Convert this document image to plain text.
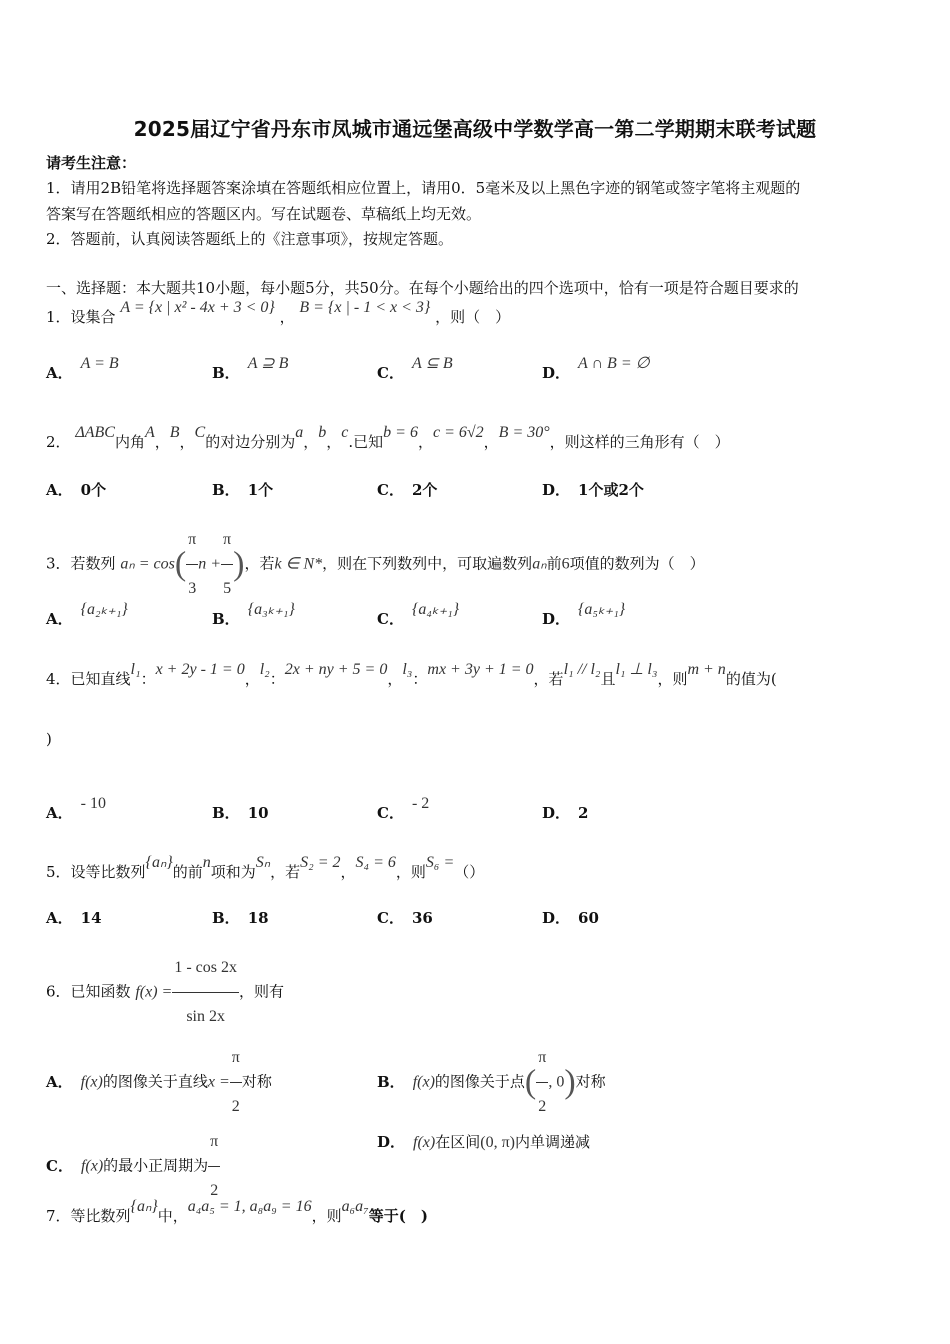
2025届辽宁省丹东市凤城市通远堡高级中学数学高一第二学期期末联考试题
请考生注意：
1．请用2B铅笔将选择题答案涂填在答题纸相应位置上，请用0．5毫米及以上黑色字迹的钢笔或签字笔将主观题的
答案写在答题纸相应的答题区内。写在试题卷、草稿纸上均无效。
2．答题前，认真阅读答题纸上的《注意事项》，按规定答题。
一、选择题：本大题共10小题，每小题5分，共50分。在每个小题给出的四个选项中，恰有一项是符合题目要求的
1．设集合 A = {x | x² - 4x + 3 < 0} ， B = {x | - 1 < x < 3} ，则（　）
A．A = B
B．A ⊇ B
C．A ⊆ B
D．A ∩ B = ∅
2． ΔABC内角A，B，C的对边分别为a，b，c.已知b = 6，c = 6√2，B = 30°，则这样的三角形有（　）
A． 0个	B． 1个	C． 2个	D． 1个或2个
3．若数列 $a_n = \cos( \frac{\pi}{3}$ $n + \frac{\pi}{5}$ )，若k ∈ N*，则在下列数列中，可取遍数列aₙ前6项值的数列为（　）
A．{a₂ₖ₊₁}
B．{a₃ₖ₊₁}
C．{a₄ₖ₊₁}
D．{a₅ₖ₊₁}
4．已知直线l₁：x + 2y - 1 = 0，l₂：2x + ny + 5 = 0，l₃：mx + 3y + 1 = 0，若l₁ // l₂且l₁ ⊥ l₃，则m + n的值为(
)
A．- 10
B． 10	C．- 2
D． 2
5．设等比数列{aₙ}的前n项和为Sₙ，若S₂ = 2，S₄ = 6，则S₆ =（）
A． 14	B． 18	C． 36	D． 60
6．已知函数 $f(x) = \frac{1 - \cos 2x}{\sin 2x}$ ，则有
A． f(x)的图像关于直线$x = \frac{\pi}{2}$ 对称	B． f(x)的图像关于点( $\frac{\pi}{2}$ , 0)对称
C． f(x)的最小正周期为 $\frac{\pi}{2}$	D． f(x)在区间(0, π)内单调递减
7．等比数列{aₙ}中，a₄a₅ = 1, a₈a₉ = 16，则a₆a₇等于(　)
